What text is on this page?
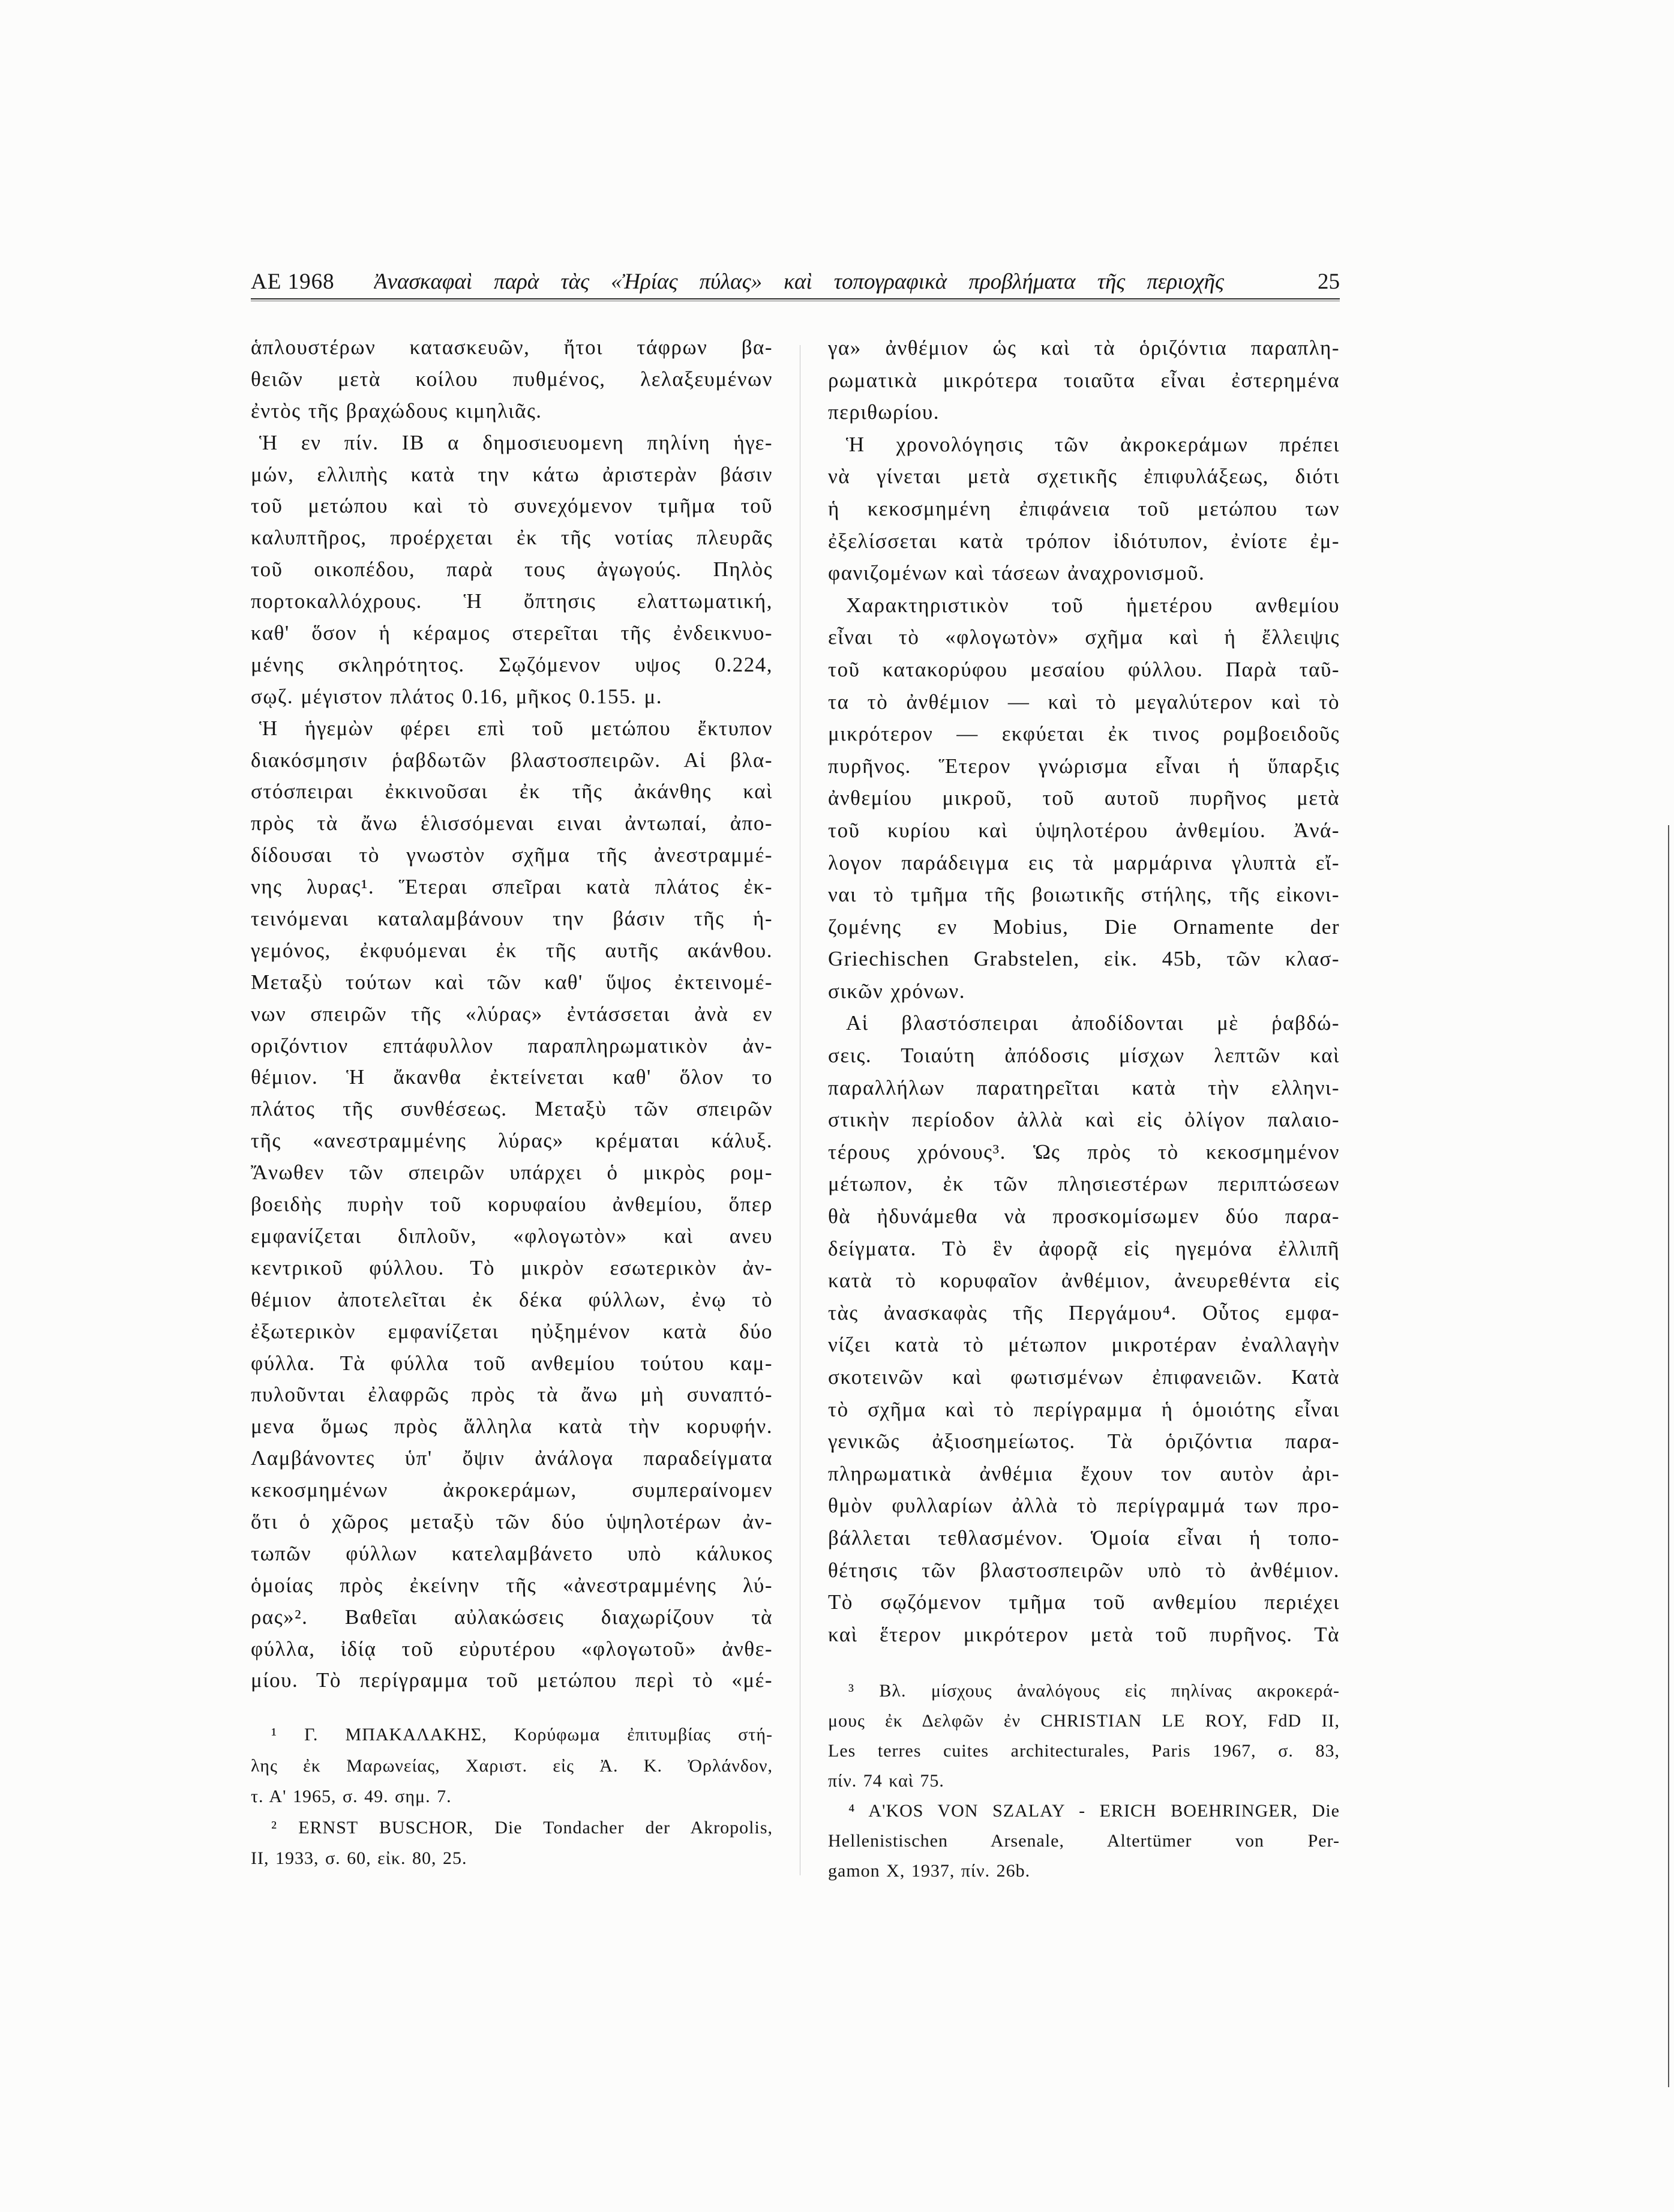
AE 1968	Ἀνασκαφαὶ παρὰ τὰς «Ἠρίας πύλας» καὶ τοπογραφικὰ προβλήματα τῆς περιοχῆς	25
ἁπλουστέρων κατασκευῶν, ἤτοι τάφρων βα-
θειῶν μετὰ κοίλου πυθμένος, λελαξευμένων
ἐντὸς τῆς βραχώδους κιμηλιᾶς.
Ἡ εν πίν. ΙΒ α δημοσιευομενη πηλίνη ἡγε-
μών, ελλιπὴς κατὰ την κάτω ἀριστερὰν βάσιν
τοῦ μετώπου καὶ τὸ συνεχόμενον τμῆμα τοῦ
καλυπτῆρος, προέρχεται ἐκ τῆς νοτίας πλευρᾶς
τοῦ οικοπέδου, παρὰ τους ἀγωγούς. Πηλὸς
πορτοκαλλόχρους. Ἡ ὄπτησις ελαττωματική,
καθ' ὅσον ἡ κέραμος στερεῖται τῆς ἐνδεικνυο-
μένης σκληρότητος. Σῳζόμενον υψος 0.224,
σῳζ. μέγιστον πλάτος 0.16, μῆκος 0.155. μ.
Ἡ ἡγεμὼν φέρει επὶ τοῦ μετώπου ἔκτυπον
διακόσμησιν ῥαβδωτῶν βλαστοσπειρῶν. Αἱ βλα-
στόσπειραι ἐκκινοῦσαι ἐκ τῆς ἀκάνθης καὶ
πρὸς τὰ ἄνω ἑλισσόμεναι ειναι ἀντωπαί, ἀπο-
δίδουσαι τὸ γνωστὸν σχῆμα τῆς ἀνεστραμμέ-
νης λυρας¹. Ἕτεραι σπεῖραι κατὰ πλάτος ἐκ-
τεινόμεναι καταλαμβάνουν την βάσιν τῆς ἡ-
γεμόνος, ἐκφυόμεναι ἐκ τῆς αυτῆς ακάνθου.
Μεταξὺ τούτων καὶ τῶν καθ' ὕψος ἐκτεινομέ-
νων σπειρῶν τῆς «λύρας» ἐντάσσεται ἀνὰ εν
οριζόντιον επτάφυλλον παραπληρωματικὸν ἀν-
θέμιον. Ἡ ἄκανθα ἐκτείνεται καθ' ὅλον το
πλάτος τῆς συνθέσεως. Μεταξὺ τῶν σπειρῶν
τῆς «ανεστραμμένης λύρας» κρέμαται κάλυξ.
Ἄνωθεν τῶν σπειρῶν υπάρχει ὁ μικρὸς ρομ-
βοειδὴς πυρὴν τοῦ κορυφαίου ἀνθεμίου, ὅπερ
εμφανίζεται διπλοῦν, «φλογωτὸν» καὶ ανευ
κεντρικοῦ φύλλου. Τὸ μικρὸν εσωτερικὸν ἀν-
θέμιον ἀποτελεῖται ἐκ δέκα φύλλων, ἐνῳ τὸ
ἐξωτερικὸν εμφανίζεται ηὐξημένον κατὰ δύο
φύλλα. Τὰ φύλλα τοῦ ανθεμίου τούτου καμ-
πυλοῦνται ἐλαφρῶς πρὸς τὰ ἄνω μὴ συναπτό-
μενα ὅμως πρὸς ἄλληλα κατὰ τὴν κορυφήν.
Λαμβάνοντες ὑπ' ὄψιν ἀνάλογα παραδείγματα
κεκοσμημένων ἀκροκεράμων, συμπεραίνομεν
ὅτι ὁ χῶρος μεταξὺ τῶν δύο ὑψηλοτέρων ἀν-
τωπῶν φύλλων κατελαμβάνετο υπὸ κάλυκος
ὁμοίας πρὸς ἐκείνην τῆς «ἀνεστραμμένης λύ-
ρας»². Βαθεῖαι αὐλακώσεις διαχωρίζουν τὰ
φύλλα, ἰδίᾳ τοῦ εὐρυτέρου «φλογωτοῦ» ἀνθε-
μίου. Τὸ περίγραμμα τοῦ μετώπου περὶ τὸ «μέ-
γα» ἀνθέμιον ὡς καὶ τὰ ὁριζόντια παραπλη-
ρωματικὰ μικρότερα τοιαῦτα εἶναι ἐστερημένα
περιθωρίου.
Ἡ χρονολόγησις τῶν ἀκροκεράμων πρέπει
νὰ γίνεται μετὰ σχετικῆς ἐπιφυλάξεως, διότι
ἡ κεκοσμημένη ἐπιφάνεια τοῦ μετώπου των
ἐξελίσσεται κατὰ τρόπον ἰδιότυπον, ἐνίοτε ἐμ-
φανιζομένων καὶ τάσεων ἀναχρονισμοῦ.
Χαρακτηριστικὸν τοῦ ἡμετέρου ανθεμίου
εἶναι τὸ «φλογωτὸν» σχῆμα καὶ ἡ ἔλλειψις
τοῦ κατακορύφου μεσαίου φύλλου. Παρὰ ταῦ-
τα τὸ ἀνθέμιον — καὶ τὸ μεγαλύτερον καὶ τὸ
μικρότερον — εκφύεται ἐκ τινος ρομβοειδοῦς
πυρῆνος. Ἕτερον γνώρισμα εἶναι ἡ ὕπαρξις
ἀνθεμίου μικροῦ, τοῦ αυτοῦ πυρῆνος μετὰ
τοῦ κυρίου καὶ ὑψηλοτέρου ἀνθεμίου. Ἀνά-
λογον παράδειγμα εις τὰ μαρμάρινα γλυπτὰ εἴ-
ναι τὸ τμῆμα τῆς βοιωτικῆς στήλης, τῆς εἰκονι-
ζομένης εν Mobius, Die Ornamente der
Griechischen Grabstelen, εἰκ. 45b, τῶν κλασ-
σικῶν χρόνων.
Αἱ βλαστόσπειραι ἀποδίδονται μὲ ῥαβδώ-
σεις. Τοιαύτη ἀπόδοσις μίσχων λεπτῶν καὶ
παραλλήλων παρατηρεῖται κατὰ τὴν ελληνι-
στικὴν περίοδον ἀλλὰ καὶ εἰς ὀλίγον παλαιο-
τέρους χρόνους³. Ὡς πρὸς τὸ κεκοσμημένον
μέτωπον, ἐκ τῶν πλησιεστέρων περιπτώσεων
θὰ ἠδυνάμεθα νὰ προσκομίσωμεν δύο παρα-
δείγματα. Τὸ ἓν ἀφορᾷ εἰς ηγεμόνα ἐλλιπῆ
κατὰ τὸ κορυφαῖον ἀνθέμιον, ἀνευρεθέντα εἰς
τὰς ἀνασκαφὰς τῆς Περγάμου⁴. Οὗτος εμφα-
νίζει κατὰ τὸ μέτωπον μικροτέραν ἐναλλαγὴν
σκοτεινῶν καὶ φωτισμένων ἐπιφανειῶν. Κατὰ
τὸ σχῆμα καὶ τὸ περίγραμμα ἡ ὁμοιότης εἶναι
γενικῶς ἀξιοσημείωτος. Τὰ ὁριζόντια παρα-
πληρωματικὰ ἀνθέμια ἔχουν τον αυτὸν ἀρι-
θμὸν φυλλαρίων ἀλλὰ τὸ περίγραμμά των προ-
βάλλεται τεθλασμένον. Ὁμοία εἶναι ἡ τοπο-
θέτησις τῶν βλαστοσπειρῶν υπὸ τὸ ἀνθέμιον.
Τὸ σῳζόμενον τμῆμα τοῦ ανθεμίου περιέχει
καὶ ἕτερον μικρότερον μετὰ τοῦ πυρῆνος. Τὰ
¹ Γ. ΜΠΑΚΑΛΑΚΗΣ, Κορύφωμα ἐπιτυμβίας στή-
λης ἐκ Μαρωνείας, Χαριστ. εἰς Ἀ. Κ. Ὀρλάνδον,
τ. Α' 1965, σ. 49. σημ. 7.
² ERNST BUSCHOR, Die Tondacher der Akropolis,
II, 1933, σ. 60, εἰκ. 80, 25.
³ Βλ. μίσχους ἀναλόγους εἰς πηλίνας ακροκερά-
μους ἐκ Δελφῶν ἐν CHRISTIAN LE ROY, FdD II,
Les terres cuites architecturales, Paris 1967, σ. 83,
πίν. 74 καὶ 75.
⁴ A'KOS VON SZALAY - ERICH BOEHRINGER, Die
Hellenistischen Arsenale, Altertümer von Per-
gamon X, 1937, πίν. 26b.
